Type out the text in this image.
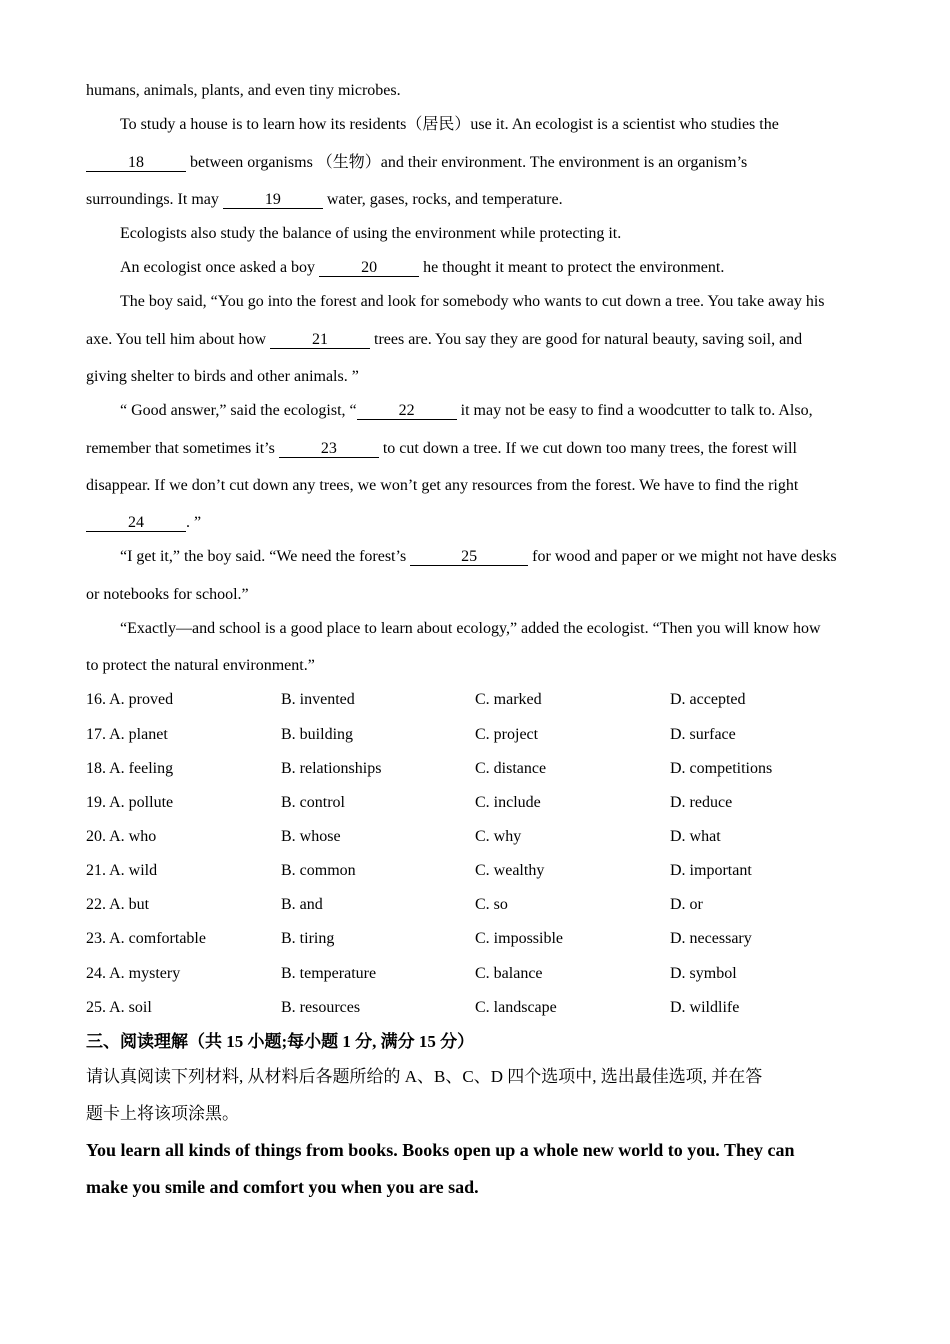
humans, animals, plants, and even tiny microbes.
To study a house is to learn how its residents（居民）use it. An ecologist is a scientist who studies the
18	between organisms （生物）and their environment. The environment is an organism’s
surroundings. It may	19	water, gases, rocks, and temperature.
Ecologists also study the balance of using the environment while protecting it.
An ecologist once asked a boy	20	he thought it meant to protect the environment.
The boy said, “You go into the forest and look for somebody who wants to cut down a tree. You take away his
axe. You tell him about how	21	trees are. You say they are good for natural beauty, saving soil, and
giving shelter to birds and other animals. ”
“ Good answer,” said the ecologist, “	22	it may not be easy to find a woodcutter to talk to. Also,
remember that sometimes it’s	23	to cut down a tree. If we cut down too many trees, the forest will
disappear. If we don’t cut down any trees, we won’t get any resources from the forest. We have to find the right
24	. ”
“I get it,” the boy said. “We need the forest’s	25	for wood and paper or we might not have desks
or notebooks for school.”
“Exactly—and school is a good place to learn about ecology,” added the ecologist. “Then you will know how
to protect the natural environment.”
16. A. proved	B. invented	C. marked	D. accepted
17. A. planet	B. building	C. project	D. surface
18. A. feeling	B. relationships	C. distance	D. competitions
19. A. pollute	B. control	C. include	D. reduce
20. A. who	B. whose	C. why	D. what
21. A. wild	B. common	C. wealthy	D. important
22. A. but	B. and	C. so	D. or
23. A. comfortable	B. tiring	C. impossible	D. necessary
24. A. mystery	B. temperature	C. balance	D. symbol
25. A. soil	B. resources	C. landscape	D. wildlife
三、阅读理解（共 15 小题;每小题 1 分, 满分 15 分）
请认真阅读下列材料, 从材料后各题所给的 A、B、C、D 四个选项中, 选出最佳选项, 并在答
题卡上将该项涂黑。
You learn all kinds of things from books. Books open up a whole new world to you. They can
make you smile and comfort you when you are sad.
